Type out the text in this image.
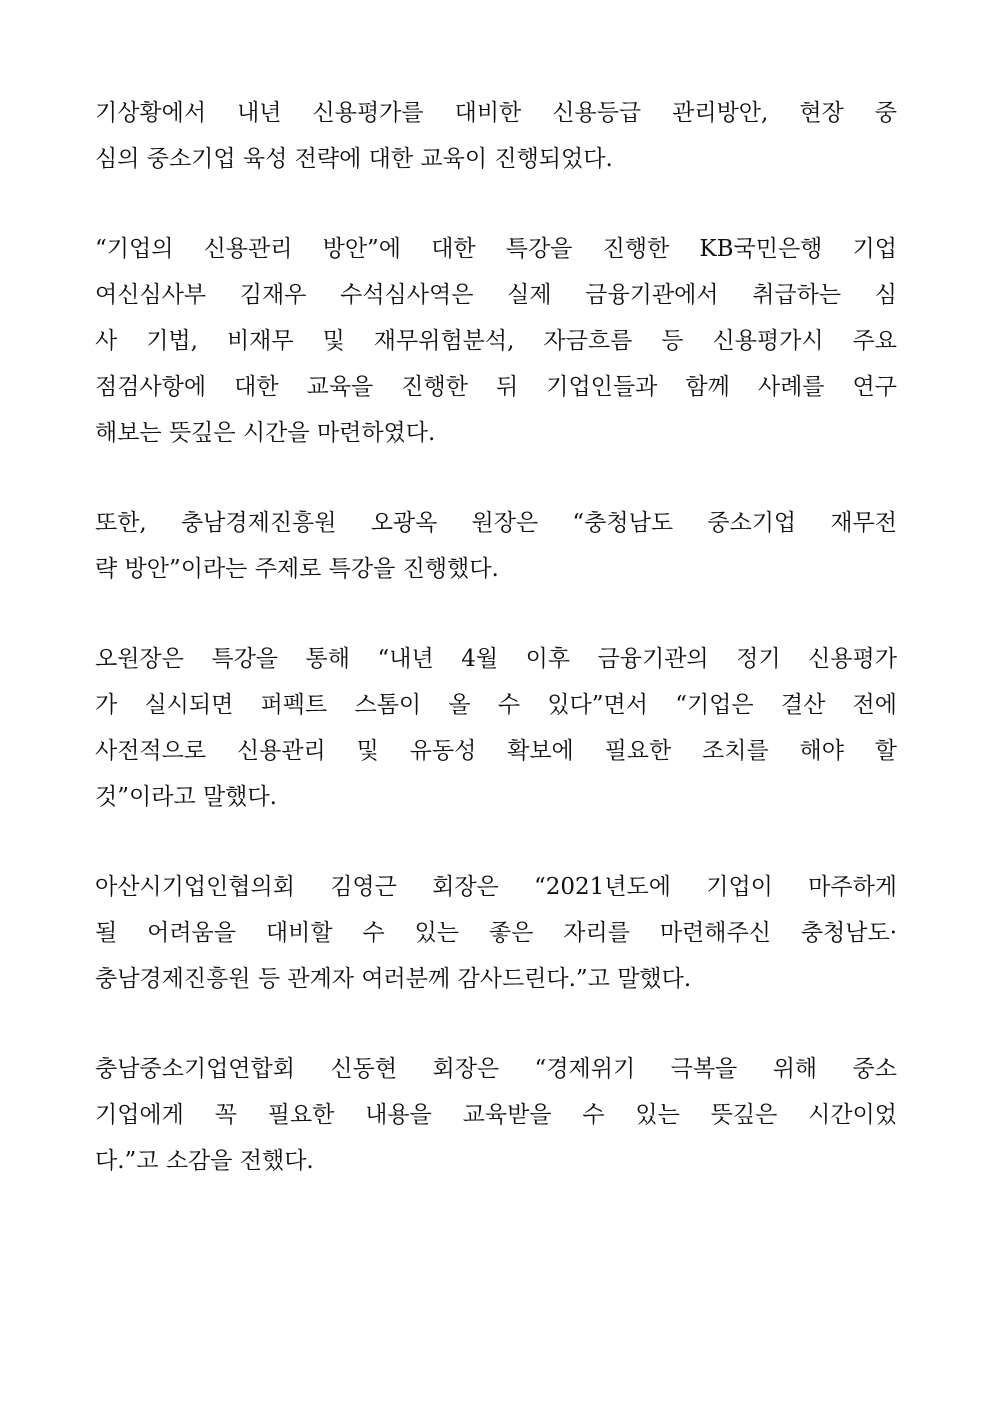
기상황에서 내년 신용평가를 대비한 신용등급 관리방안, 현장 중
심의 중소기업 육성 전략에 대한 교육이 진행되었다.
“기업의 신용관리 방안”에 대한 특강을 진행한 KB국민은행 기업
여신심사부 김재우 수석심사역은 실제 금융기관에서 취급하는 심
사 기법, 비재무 및 재무위험분석, 자금흐름 등 신용평가시 주요
점검사항에 대한 교육을 진행한 뒤 기업인들과 함께 사례를 연구
해보는 뜻깊은 시간을 마련하였다.
또한, 충남경제진흥원 오광옥 원장은 “충청남도 중소기업 재무전
략 방안”이라는 주제로 특강을 진행했다.
오원장은 특강을 통해 “내년 4월 이후 금융기관의 정기 신용평가
가 실시되면 퍼펙트 스톰이 올 수 있다”면서 “기업은 결산 전에
사전적으로 신용관리 및 유동성 확보에 필요한 조치를 해야 할
것”이라고 말했다.
아산시기업인협의회 김영근 회장은 “2021년도에 기업이 마주하게
될 어려움을 대비할 수 있는 좋은 자리를 마련해주신 충청남도·
충남경제진흥원 등 관계자 여러분께 감사드린다.”고 말했다.
충남중소기업연합회 신동현 회장은 “경제위기 극복을 위해 중소
기업에게 꼭 필요한 내용을 교육받을 수 있는 뜻깊은 시간이었
다.”고 소감을 전했다.
